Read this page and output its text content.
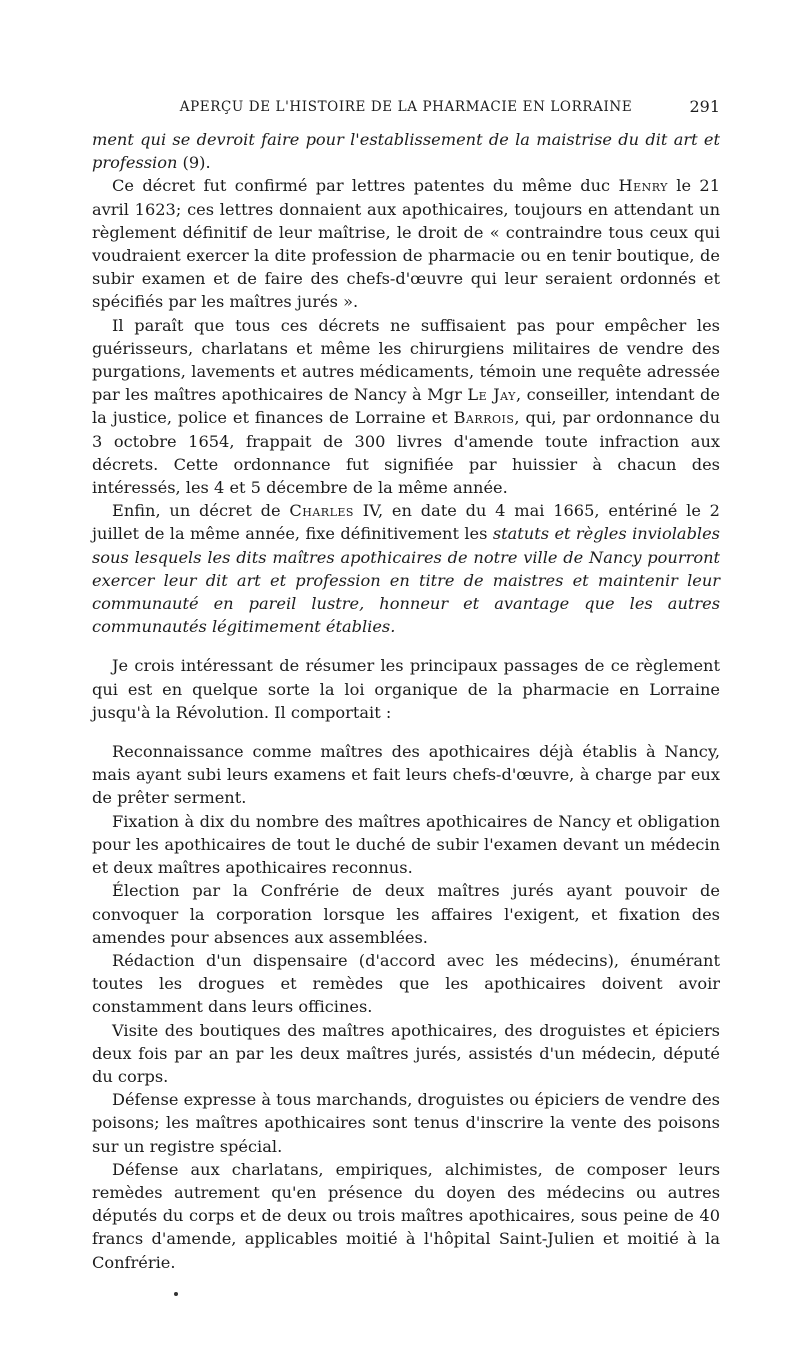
APERÇU DE L'HISTOIRE DE LA PHARMACIE EN LORRAINE	291

ment qui se devroit faire pour l'establissement de la maistrise du dit art et profession (9).

Ce décret fut confirmé par lettres patentes du même duc Henry le 21 avril 1623; ces lettres donnaient aux apothicaires, toujours en attendant un règlement définitif de leur maîtrise, le droit de « contraindre tous ceux qui voudraient exercer la dite profession de pharmacie ou en tenir boutique, de subir examen et de faire des chefs-d'œuvre qui leur seraient ordonnés et spécifiés par les maîtres jurés ».

Il paraît que tous ces décrets ne suffisaient pas pour empêcher les guérisseurs, charlatans et même les chirurgiens militaires de vendre des purgations, lavements et autres médicaments, témoin une requête adressée par les maîtres apothicaires de Nancy à Mgr Le Jay, conseiller, intendant de la justice, police et finances de Lorraine et Barrois, qui, par ordonnance du 3 octobre 1654, frappait de 300 livres d'amende toute infraction aux décrets. Cette ordonnance fut signifiée par huissier à chacun des intéressés, les 4 et 5 décembre de la même année.

Enfin, un décret de Charles IV, en date du 4 mai 1665, entériné le 2 juillet de la même année, fixe définitivement les statuts et règles inviolables sous lesquels les dits maîtres apothicaires de notre ville de Nancy pourront exercer leur dit art et profession en titre de maistres et maintenir leur communauté en pareil lustre, honneur et avantage que les autres communautés légitimement établies.

Je crois intéressant de résumer les principaux passages de ce règlement qui est en quelque sorte la loi organique de la pharmacie en Lorraine jusqu'à la Révolution. Il comportait :

Reconnaissance comme maîtres des apothicaires déjà établis à Nancy, mais ayant subi leurs examens et fait leurs chefs-d'œuvre, à charge par eux de prêter serment.

Fixation à dix du nombre des maîtres apothicaires de Nancy et obligation pour les apothicaires de tout le duché de subir l'examen devant un médecin et deux maîtres apothicaires reconnus.

Élection par la Confrérie de deux maîtres jurés ayant pouvoir de convoquer la corporation lorsque les affaires l'exigent, et fixation des amendes pour absences aux assemblées.

Rédaction d'un dispensaire (d'accord avec les médecins), énumérant toutes les drogues et remèdes que les apothicaires doivent avoir constamment dans leurs officines.

Visite des boutiques des maîtres apothicaires, des droguistes et épiciers deux fois par an par les deux maîtres jurés, assistés d'un médecin, député du corps.

Défense expresse à tous marchands, droguistes ou épiciers de vendre des poisons; les maîtres apothicaires sont tenus d'inscrire la vente des poisons sur un registre spécial.

Défense aux charlatans, empiriques, alchimistes, de composer leurs remèdes autrement qu'en présence du doyen des médecins ou autres députés du corps et de deux ou trois maîtres apothicaires, sous peine de 40 francs d'amende, applicables moitié à l'hôpital Saint-Julien et moitié à la Confrérie.
